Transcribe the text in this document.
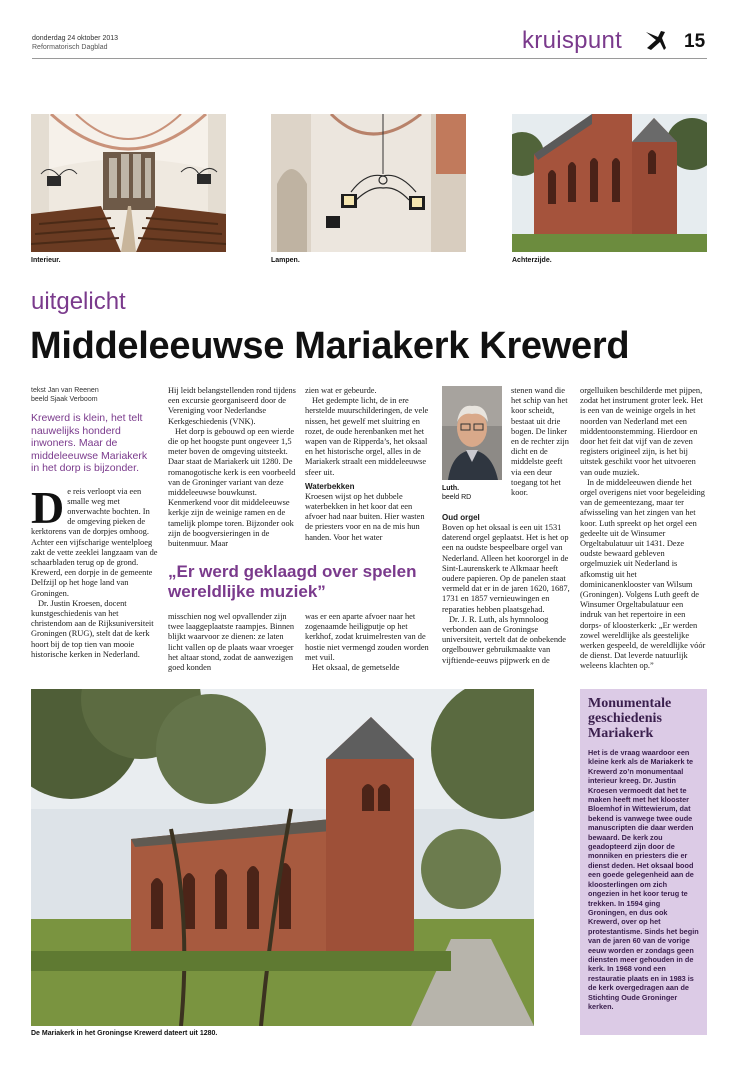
donderdag 24 oktober 2013
Reformatorisch Dagblad	kruispunt	15
Interieur.	Lampen.	Achterzijde.
uitgelicht
Middeleeuwse Mariakerk Krewerd
tekst Jan van Reenen
beeld Sjaak Verboom
Krewerd is klein, het telt nauwelijks honderd inwoners. Maar de middeleeuwse Mariakerk in het dorp is bijzonder.
D e reis verloopt via een smalle weg met onverwachte bochten. In de omgeving pieken de kerktorens van de dorpjes omhoog. Achter een vijfscharige wentelploeg zakt de vette zeeklei langzaam van de schaarbladen terug op de grond. Krewerd, een dorpje in de gemeente Delfzijl op het hoge land van Groningen.

Dr. Justin Kroesen, docent kunstgeschiedenis van het christendom aan de Rijksuniversiteit Groningen (RUG), stelt dat de kerk hoort bij de top tien van mooie historische kerken in Nederland.

Hij leidt belangstellenden rond tijdens een excursie georganiseerd door de Vereniging voor Nederlandse Kerkgeschiedenis (VNK).

Het dorp is gebouwd op een wierde die op het hoogste punt ongeveer 1,5 meter boven de omgeving uitsteekt. Daar staat de Mariakerk uit 1280. De romanogotische kerk is een voorbeeld van de Groninger variant van deze middeleeuwse bouwkunst. Kenmerkend voor dit middeleeuwse kerkje zijn de weinige ramen en de tamelijk plompe toren. Bijzonder ook zijn de boogversieringen in de buitenmuur. Maar

zien wat er gebeurde.

Het gedempte licht, de in ere herstelde muurschilderingen, de vele nissen, het gewelf met sluitring en rozet, de oude herenbanken met het wapen van de Ripperda’s, het oksaal en het historische orgel, alles in de Mariakerk straalt een middeleeuwse sfeer uit.

Waterbekken

Kroesen wijst op het dubbele waterbekken in het koor dat een afvoer had naar buiten. Hier wasten de priesters voor en na de mis hun handen. Voor het water

„Er werd geklaagd over spelen wereldlijke muziek”

misschien nog wel opvallender zijn twee laaggeplaatste raampjes. Binnen blijkt waarvoor ze dienen: ze laten licht vallen op de plaats waar vroeger het altaar stond, zodat de aanwezigen goed konden

was er een aparte afvoer naar het zogenaamde heiligputje op het kerkhof, zodat kruimelresten van de hostie niet vermengd zouden worden met vuil.

Het oksaal, de gemetselde

Luth.
beeld RD

stenen wand die het schip van het koor scheidt, bestaat uit drie bogen. De linker en de rechter zijn dicht en de middelste geeft via een deur toegang tot het koor.

Oud orgel

Boven op het oksaal is een uit 1531 daterend orgel geplaatst. Het is het op een na oudste bespeelbare orgel van Nederland. Alleen het koororgel in de Sint-Laurenskerk te Alkmaar heeft oudere papieren. Op de panelen staat vermeld dat er in de jaren 1620, 1687, 1731 en 1857 vernieuwingen en reparaties hebben plaatsgehad.

Dr. J. R. Luth, als hymnoloog verbonden aan de Groningse universiteit, vertelt dat de onbekende orgelbouwer gebruikmaakte van vijftiende-eeuws pijpwerk en de

orgelluiken beschilderde met pijpen, zodat het instrument groter leek. Het is een van de weinige orgels in het noorden van Nederland met een middentoonstemming. Hierdoor en door het feit dat vijf van de zeven registers origineel zijn, is het bij uitstek geschikt voor het uitvoeren van oude muziek.

In de middeleeuwen diende het orgel overigens niet voor begeleiding van de gemeentezang, maar ter afwisseling van het zingen van het koor. Luth spreekt op het orgel een gedeelte uit de Winsumer Orgeltabulatuur uit 1431. Deze oudste bewaard gebleven orgelmuziek uit Nederland is afkomstig uit het dominicanenklooster van Wilsum (Groningen). Volgens Luth geeft de Winsumer Orgeltabulatuur een indruk van het repertoire in een dorps- of kloosterkerk: „Er werden zowel wereldlijke als geestelijke werken gespeeld, de wereldlijke vóór de dienst. Dat leverde natuurlijk weleens klachten op.”

De Mariakerk in het Groningse Krewerd dateert uit 1280.
Monumentale geschiedenis Mariakerk
Het is de vraag waardoor een kleine kerk als de Mariakerk te Krewerd zo’n monumentaal interieur kreeg. Dr. Justin Kroesen vermoedt dat het te maken heeft met het klooster Bloemhof in Wittewierum, dat bekend is vanwege twee oude manuscripten die daar werden bewaard. De kerk zou geadopteerd zijn door de monniken en priesters die er dienst deden. Het oksaal bood een goede gelegenheid aan de kloosterlingen om zich ongezien in het koor terug te trekken. In 1594 ging Groningen, en dus ook Krewerd, over op het protestantisme. Sinds het begin van de jaren 60 van de vorige eeuw worden er zondags geen diensten meer gehouden in de kerk. In 1968 vond een restauratie plaats en in 1983 is de kerk overgedragen aan de Stichting Oude Groninger kerken.
